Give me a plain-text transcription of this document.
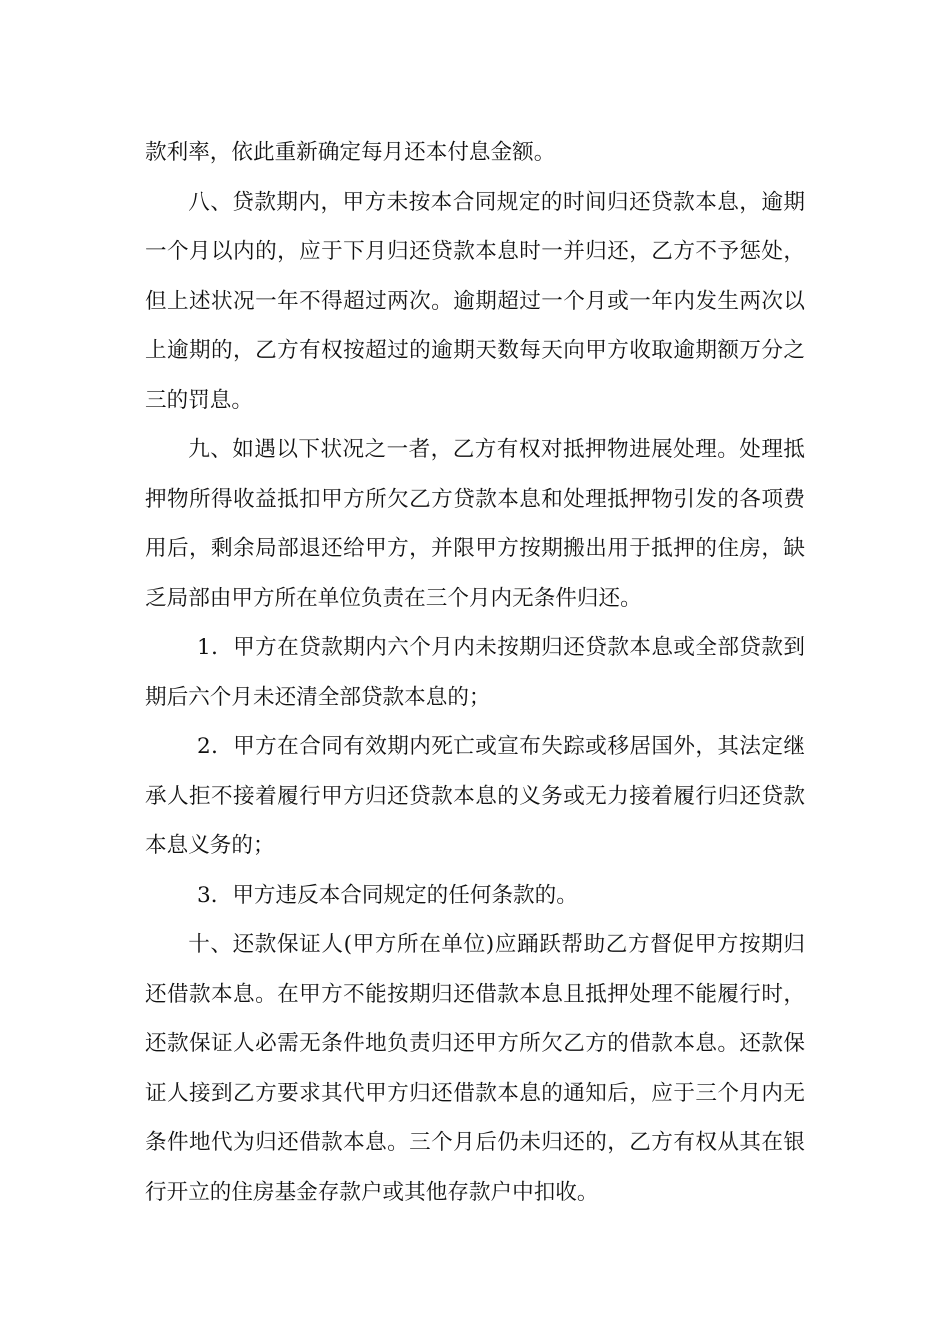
款利率，依此重新确定每月还本付息金额。

八、贷款期内，甲方未按本合同规定的时间归还贷款本息，逾期一个月以内的，应于下月归还贷款本息时一并归还，乙方不予惩处，但上述状况一年不得超过两次。逾期超过一个月或一年内发生两次以上逾期的，乙方有权按超过的逾期天数每天向甲方收取逾期额万分之三的罚息。

九、如遇以下状况之一者，乙方有权对抵押物进展处理。处理抵押物所得收益抵扣甲方所欠乙方贷款本息和处理抵押物引发的各项费用后，剩余局部退还给甲方，并限甲方按期搬出用于抵押的住房，缺乏局部由甲方所在单位负责在三个月内无条件归还。

1．甲方在贷款期内六个月内未按期归还贷款本息或全部贷款到期后六个月未还清全部贷款本息的；

2．甲方在合同有效期内死亡或宣布失踪或移居国外，其法定继承人拒不接着履行甲方归还贷款本息的义务或无力接着履行归还贷款本息义务的；

3．甲方违反本合同规定的任何条款的。

十、还款保证人(甲方所在单位)应踊跃帮助乙方督促甲方按期归还借款本息。在甲方不能按期归还借款本息且抵押处理不能履行时，还款保证人必需无条件地负责归还甲方所欠乙方的借款本息。还款保证人接到乙方要求其代甲方归还借款本息的通知后，应于三个月内无条件地代为归还借款本息。三个月后仍未归还的，乙方有权从其在银行开立的住房基金存款户或其他存款户中扣收。
